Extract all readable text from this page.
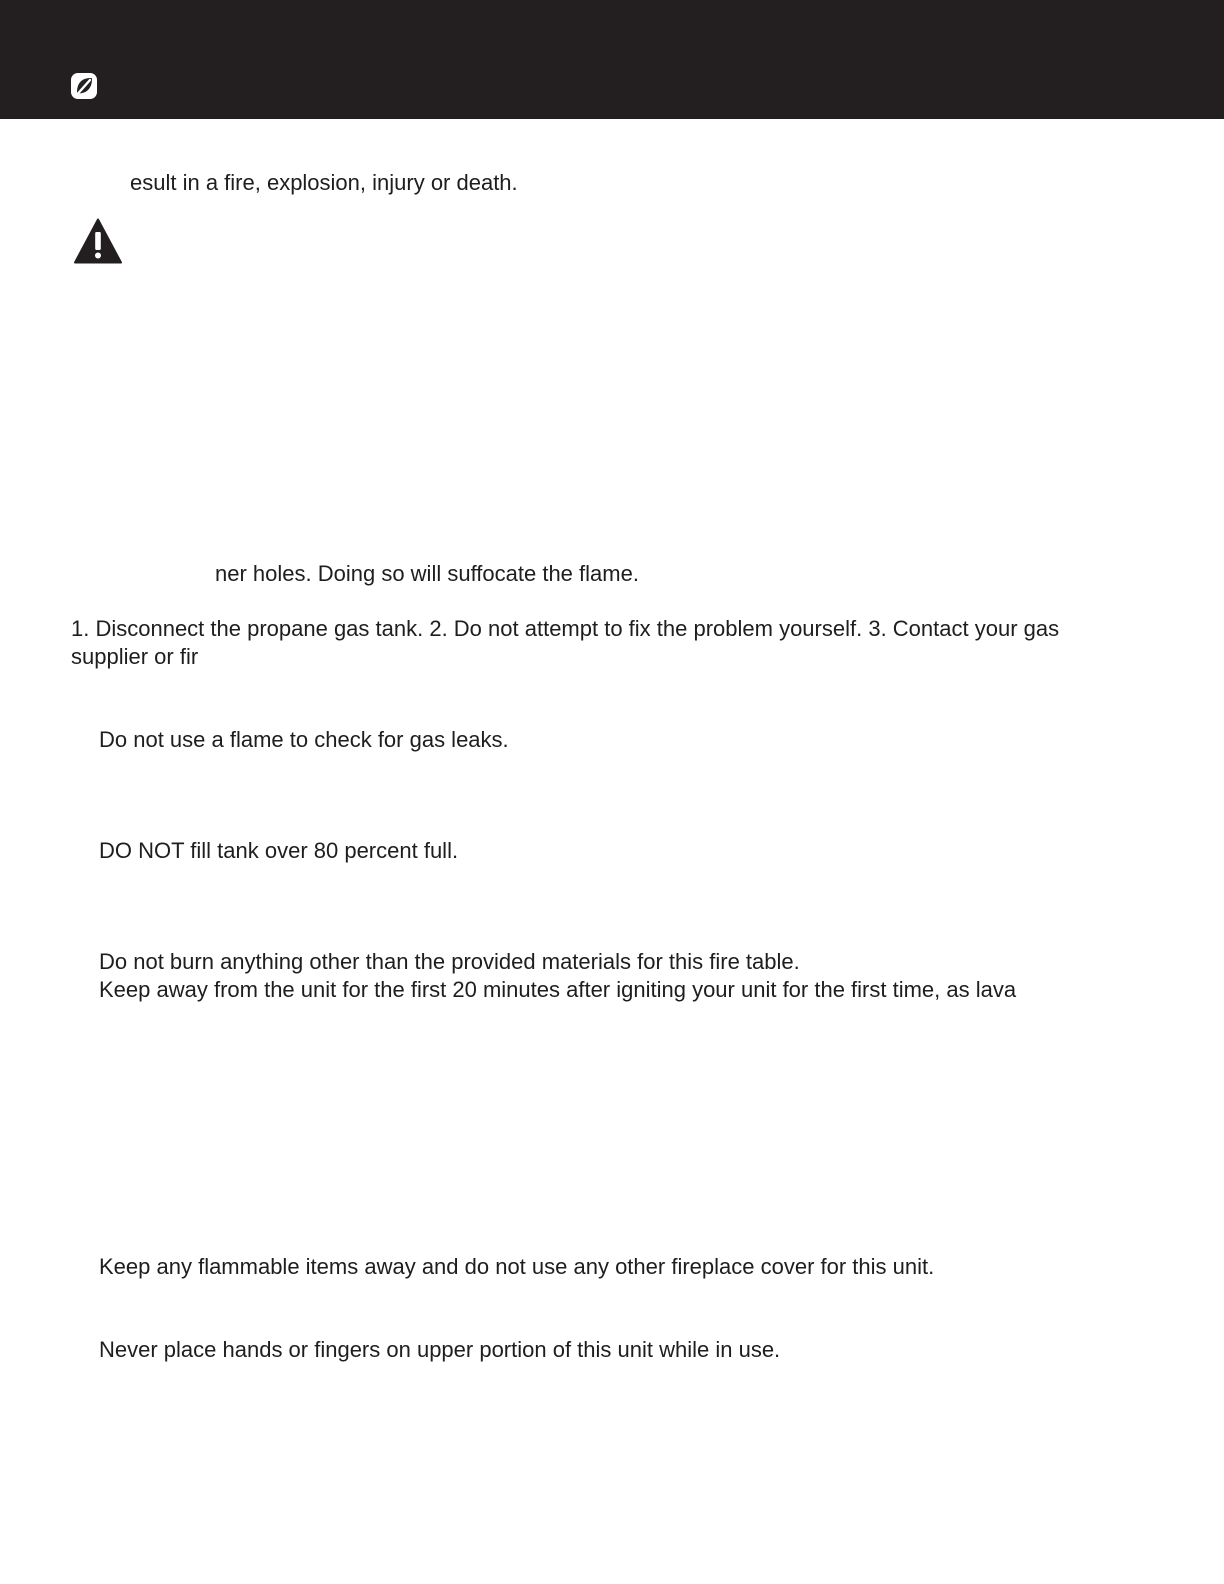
esult in a fire, explosion, injury or death.

ner holes. Doing so will suffocate the flame.

1. Disconnect the propane gas tank. 2. Do not attempt to fix the problem yourself. 3. Contact your gas

supplier or fir

Do not use a flame to check for gas leaks.

DO NOT fill tank over 80 percent full.

Do not burn anything other than the provided materials for this fire table.

Keep away from the unit for the first 20 minutes after igniting your unit for the first time, as lava

Keep any flammable items away and do not use any other fireplace cover for this unit.

Never place hands or fingers on upper portion of this unit while in use.
